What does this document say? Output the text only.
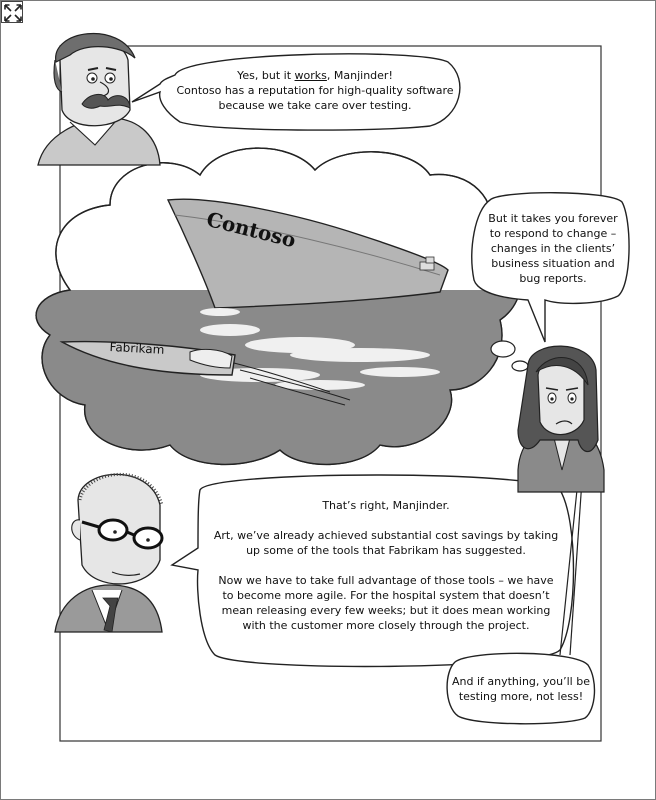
Contoso
Fabrikam

Yes, but it works, Manjinder!

Contoso has a reputation for high-quality software

because we take care over testing.

But it takes you forever

to respond to change –

changes in the clients’

business situation and

bug reports.

That’s right, Manjinder.

Art, we’ve already achieved substantial cost savings by taking

up some of the tools that Fabrikam has suggested.

Now we have to take full advantage of those tools – we have

to become more agile. For the hospital system that doesn’t

mean releasing every few weeks; but it does mean working

with the customer more closely through the project.

And if anything, you’ll be

testing more, not less!
